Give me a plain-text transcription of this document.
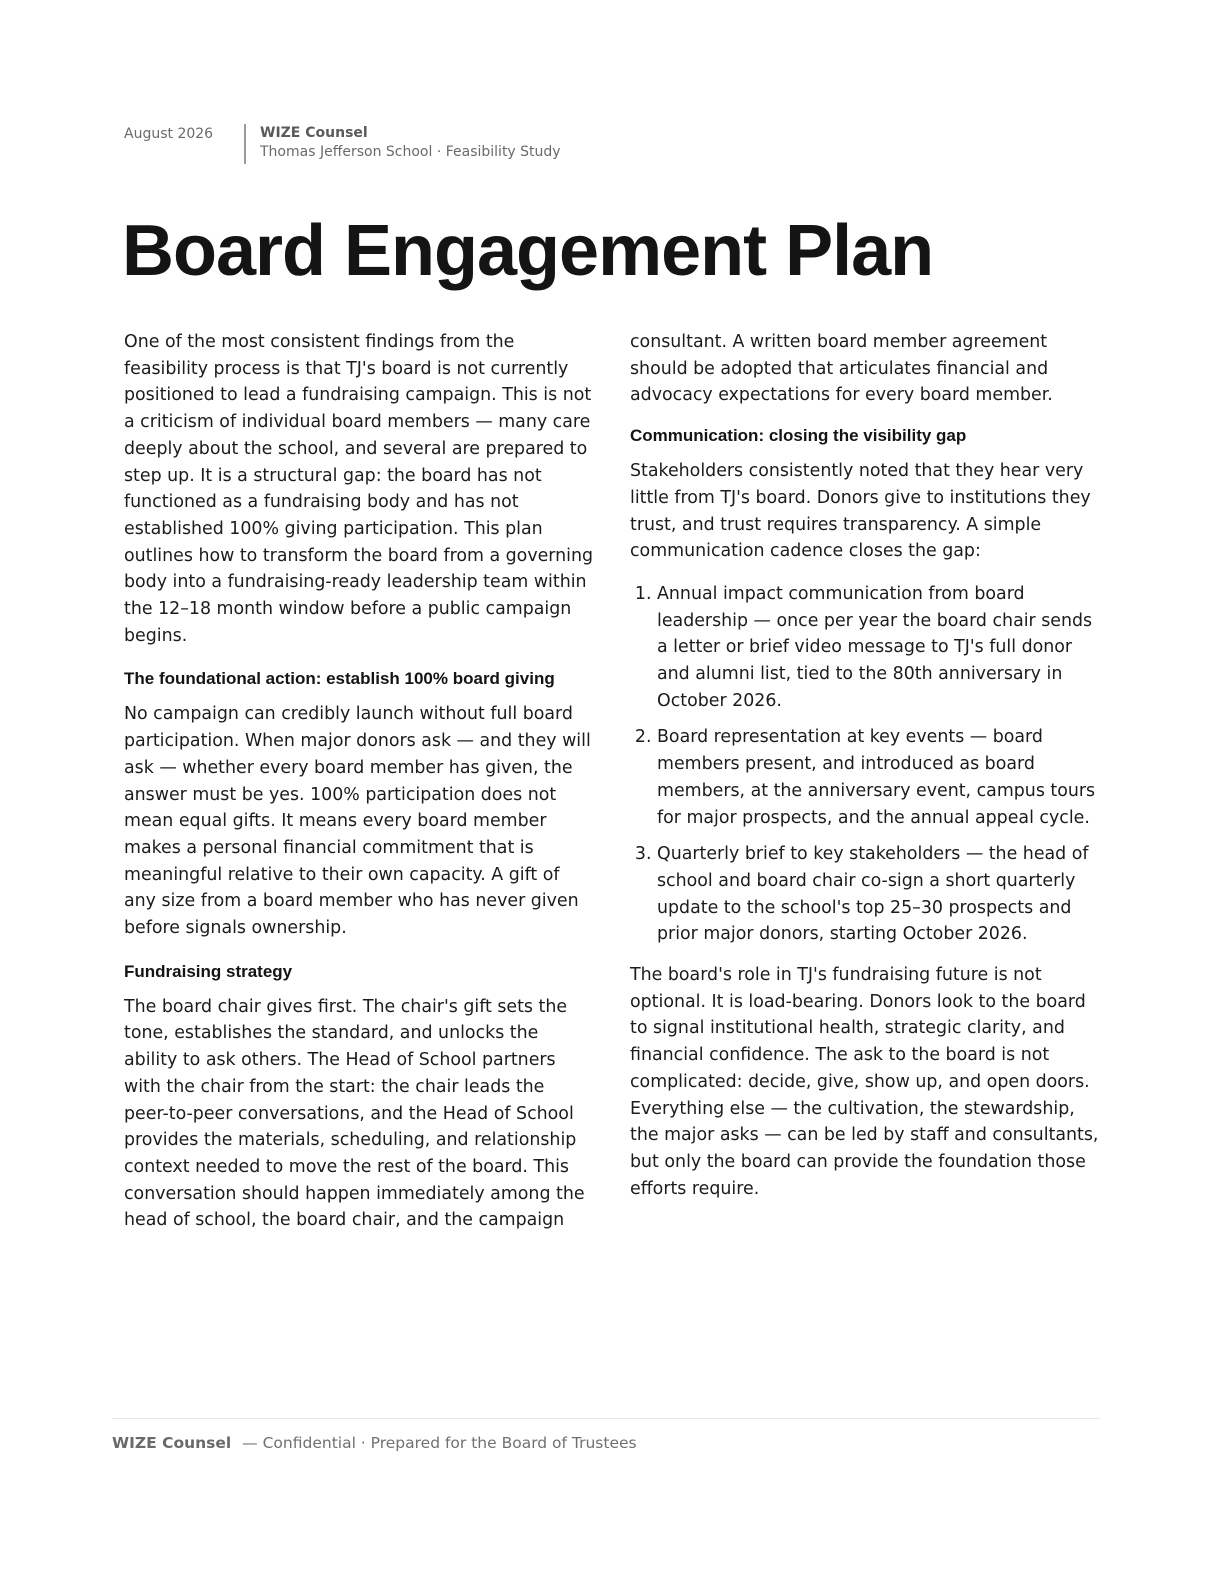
August 2026	WIZE Counsel
Thomas Jefferson School · Feasibility Study
Board Engagement Plan

One of the most consistent findings from the feasibility process is that TJ's board is not currently positioned to lead a fundraising campaign. This is not a criticism of individual board members — many care deeply about the school, and several are prepared to step up. It is a structural gap: the board has not functioned as a fundraising body and has not established 100% giving participation. This plan outlines how to transform the board from a governing body into a fundraising-ready leadership team within the 12–18 month window before a public campaign begins.

The foundational action: establish 100% board giving

No campaign can credibly launch without full board participation. When major donors ask — and they will ask — whether every board member has given, the answer must be yes. 100% participation does not mean equal gifts. It means every board member makes a personal financial commitment that is meaningful relative to their own capacity. A gift of any size from a board member who has never given before signals ownership.

Fundraising strategy

The board chair gives first. The chair's gift sets the tone, establishes the standard, and unlocks the ability to ask others. The Head of School partners with the chair from the start: the chair leads the peer-to-peer conversations, and the Head of School provides the materials, scheduling, and relationship context needed to move the rest of the board. This conversation should happen immediately among the head of school, the board chair, and the campaign

consultant. A written board member agreement should be adopted that articulates financial and advocacy expectations for every board member.

Communication: closing the visibility gap

Stakeholders consistently noted that they hear very little from TJ's board. Donors give to institutions they trust, and trust requires transparency. A simple communication cadence closes the gap:

1. Annual impact communication from board leadership — once per year the board chair sends a letter or brief video message to TJ's full donor and alumni list, tied to the 80th anniversary in October 2026.
2. Board representation at key events — board members present, and introduced as board members, at the anniversary event, campus tours for major prospects, and the annual appeal cycle.
3. Quarterly brief to key stakeholders — the head of school and board chair co-sign a short quarterly update to the school's top 25–30 prospects and prior major donors, starting October 2026.

The board's role in TJ's fundraising future is not optional. It is load-bearing. Donors look to the board to signal institutional health, strategic clarity, and financial confidence. The ask to the board is not complicated: decide, give, show up, and open doors. Everything else — the cultivation, the stewardship, the major asks — can be led by staff and consultants, but only the board can provide the foundation those efforts require.

WIZE Counsel — Confidential · Prepared for the Board of Trustees
